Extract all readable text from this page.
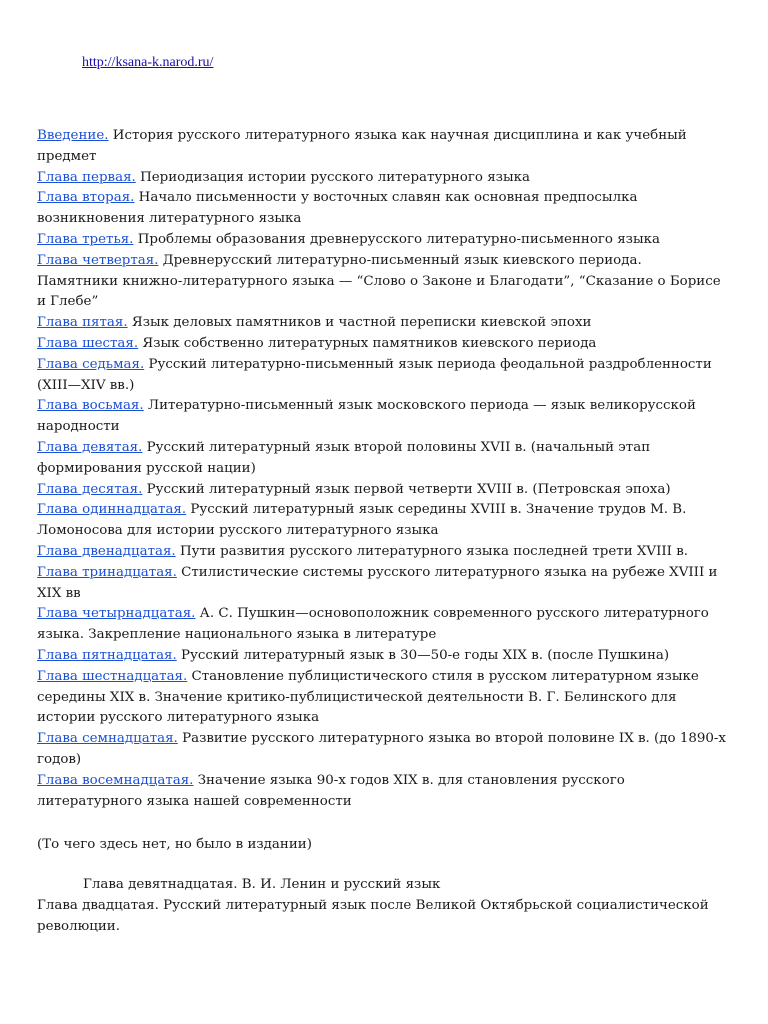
http://ksana-k.narod.ru/
Введение. История русского литературного языка как научная дисциплина и как учебный предмет
Глава первая. Периодизация истории русского литературного языка
Глава вторая. Начало письменности у восточных славян как основная предпосылка возникновения литературного языка
Глава третья. Проблемы образования древнерусского литературно-письменного языка
Глава четвертая. Древнерусский литературно-письменный язык киевского периода. Памятники книжно-литературного языка — “Слово о Законе и Благодати”, “Сказание о Борисе и Глебе”
Глава пятая. Язык деловых памятников и частной переписки киевской эпохи
Глава шестая. Язык собственно литературных памятников киевского периода
Глава седьмая. Русский литературно-письменный язык периода феодальной раздробленности (XIII—XIV вв.)
Глава восьмая. Литературно-письменный язык московского периода — язык великорусской народности
Глава девятая. Русский литературный язык второй половины XVII в. (начальный этап формирования русской нации)
Глава десятая. Русский литературный язык первой четверти XVIII в. (Петровская эпоха)
Глава одиннадцатая. Русский литературный язык середины XVIII в. Значение трудов М. В. Ломоносова для истории русского литературного языка
Глава двенадцатая. Пути развития русского литературного языка последней трети XVIII в.
Глава тринадцатая. Стилистические системы русского литературного языка на рубеже XVIII и XIX вв
Глава четырнадцатая. А. С. Пушкин—основоположник современного русского литературного языка. Закрепление национального языка в литературе
Глава пятнадцатая. Русский литературный язык в 30—50-е годы XIX в. (после Пушкина)
Глава шестнадцатая. Становление публицистического стиля в русском литературном языке середины XIX в. Значение критико-публицистической деятельности В. Г. Белинского для истории русского литературного языка
Глава семнадцатая. Развитие русского литературного языка во второй половине IX в. (до 1890-х годов)
Глава восемнадцатая. Значение языка 90-х годов XIX в. для становления русского литературного языка нашей современности

(То чего здесь нет, но было в издании)

Глава девятнадцатая. В. И. Ленин и русский язык
Глава двадцатая. Русский литературный язык после Великой Октябрьской социалистической революции.
